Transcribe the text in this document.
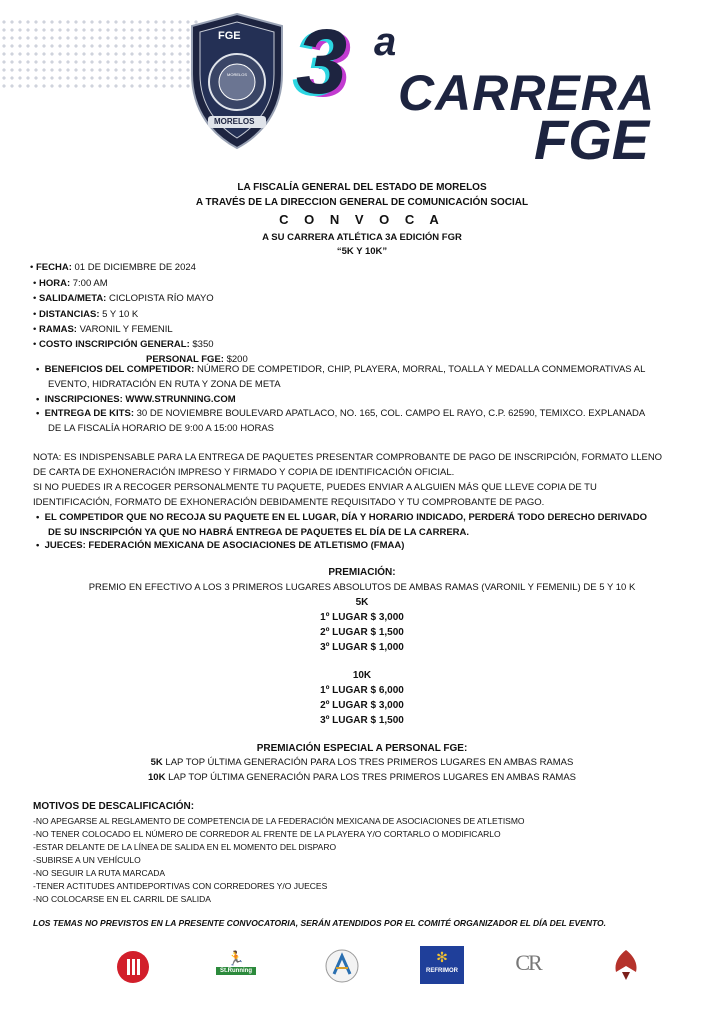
FGE
MORELOS
MORELOS
3 a
CARRERA
FGE
LA FISCALÍA GENERAL DEL ESTADO DE MORELOS
A TRAVÉS DE LA DIRECCION GENERAL DE COMUNICACIÓN SOCIAL
C O N V O C A
A SU CARRERA ATLÉTICA 3A EDICIÓN FGR
“5K Y 10K”
• FECHA: 01 DE DICIEMBRE DE 2024
• HORA: 7:00 AM
• SALIDA/META: CICLOPISTA RÍO MAYO
• DISTANCIAS: 5 Y 10 K
• RAMAS: VARONIL Y FEMENIL
• COSTO INSCRIPCIÓN GENERAL: $350
PERSONAL FGE: $200
•  BENEFICIOS DEL COMPETIDOR: NÚMERO DE COMPETIDOR, CHIP, PLAYERA, MORRAL, TOALLA Y MEDALLA CONMEMORATIVAS AL
EVENTO, HIDRATACIÓN EN RUTA Y ZONA DE META
•  INSCRIPCIONES: WWW.STRUNNING.COM
•  ENTREGA DE KITS: 30 DE NOVIEMBRE BOULEVARD APATLACO, NO. 165, COL. CAMPO EL RAYO, C.P. 62590, TEMIXCO. EXPLANADA
DE LA FISCALÍA HORARIO DE 9:00 A 15:00 HORAS
NOTA: ES INDISPENSABLE PARA LA ENTREGA DE PAQUETES PRESENTAR COMPROBANTE DE PAGO DE INSCRIPCIÓN, FORMATO LLENO
DE CARTA DE EXHONERACIÓN IMPRESO Y FIRMADO Y COPIA DE IDENTIFICACIÓN OFICIAL.
SI NO PUEDES IR A RECOGER PERSONALMENTE TU PAQUETE, PUEDES ENVIAR A ALGUIEN MÁS QUE LLEVE COPIA DE TU
IDENTIFICACIÓN, FORMATO DE EXHONERACIÓN DEBIDAMENTE REQUISITADO Y TU COMPROBANTE DE PAGO.
•  EL COMPETIDOR QUE NO RECOJA SU PAQUETE EN EL LUGAR, DÍA Y HORARIO INDICADO, PERDERÁ TODO DERECHO DERIVADO
DE SU INSCRIPCIÓN YA QUE NO HABRÁ ENTREGA DE PAQUETES EL DÍA DE LA CARRERA.
•  JUECES: FEDERACIÓN MEXICANA DE ASOCIACIONES DE ATLETISMO (FMAA)
PREMIACIÓN:
PREMIO EN EFECTIVO A LOS 3 PRIMEROS LUGARES ABSOLUTOS DE AMBAS RAMAS (VARONIL Y FEMENIL) DE 5 Y 10 K
5K
1º LUGAR $ 3,000
2º LUGAR $ 1,500
3º LUGAR $ 1,000
10K
1º LUGAR $ 6,000
2º LUGAR $ 3,000
3º LUGAR $ 1,500
PREMIACIÓN ESPECIAL A PERSONAL FGE:
5K LAP TOP ÚLTIMA GENERACIÓN PARA LOS TRES PRIMEROS LUGARES EN AMBAS RAMAS
10K LAP TOP ÚLTIMA GENERACIÓN PARA LOS TRES PRIMEROS LUGARES EN AMBAS RAMAS
MOTIVOS DE DESCALIFICACIÓN:
-NO APEGARSE AL REGLAMENTO DE COMPETENCIA DE LA FEDERACIÓN MEXICANA DE ASOCIACIONES DE ATLETISMO
-NO TENER COLOCADO EL NÚMERO DE CORREDOR AL FRENTE DE LA PLAYERA Y/O CORTARLO O MODIFICARLO
-ESTAR DELANTE DE LA LÍNEA DE SALIDA EN EL MOMENTO DEL DISPARO
-SUBIRSE A UN VEHÍCULO
-NO SEGUIR LA RUTA MARCADA
-TENER ACTITUDES ANTIDEPORTIVAS CON CORREDORES Y/O JUECES
-NO COLOCARSE EN EL CARRIL DE SALIDA
LOS TEMAS NO PREVISTOS EN LA PRESENTE CONVOCATORIA, SERÁN ATENDIDOS POR EL COMITÉ ORGANIZADOR EL DÍA DEL EVENTO.
🏃
St.Running
✻
REFRIMOR	CR
